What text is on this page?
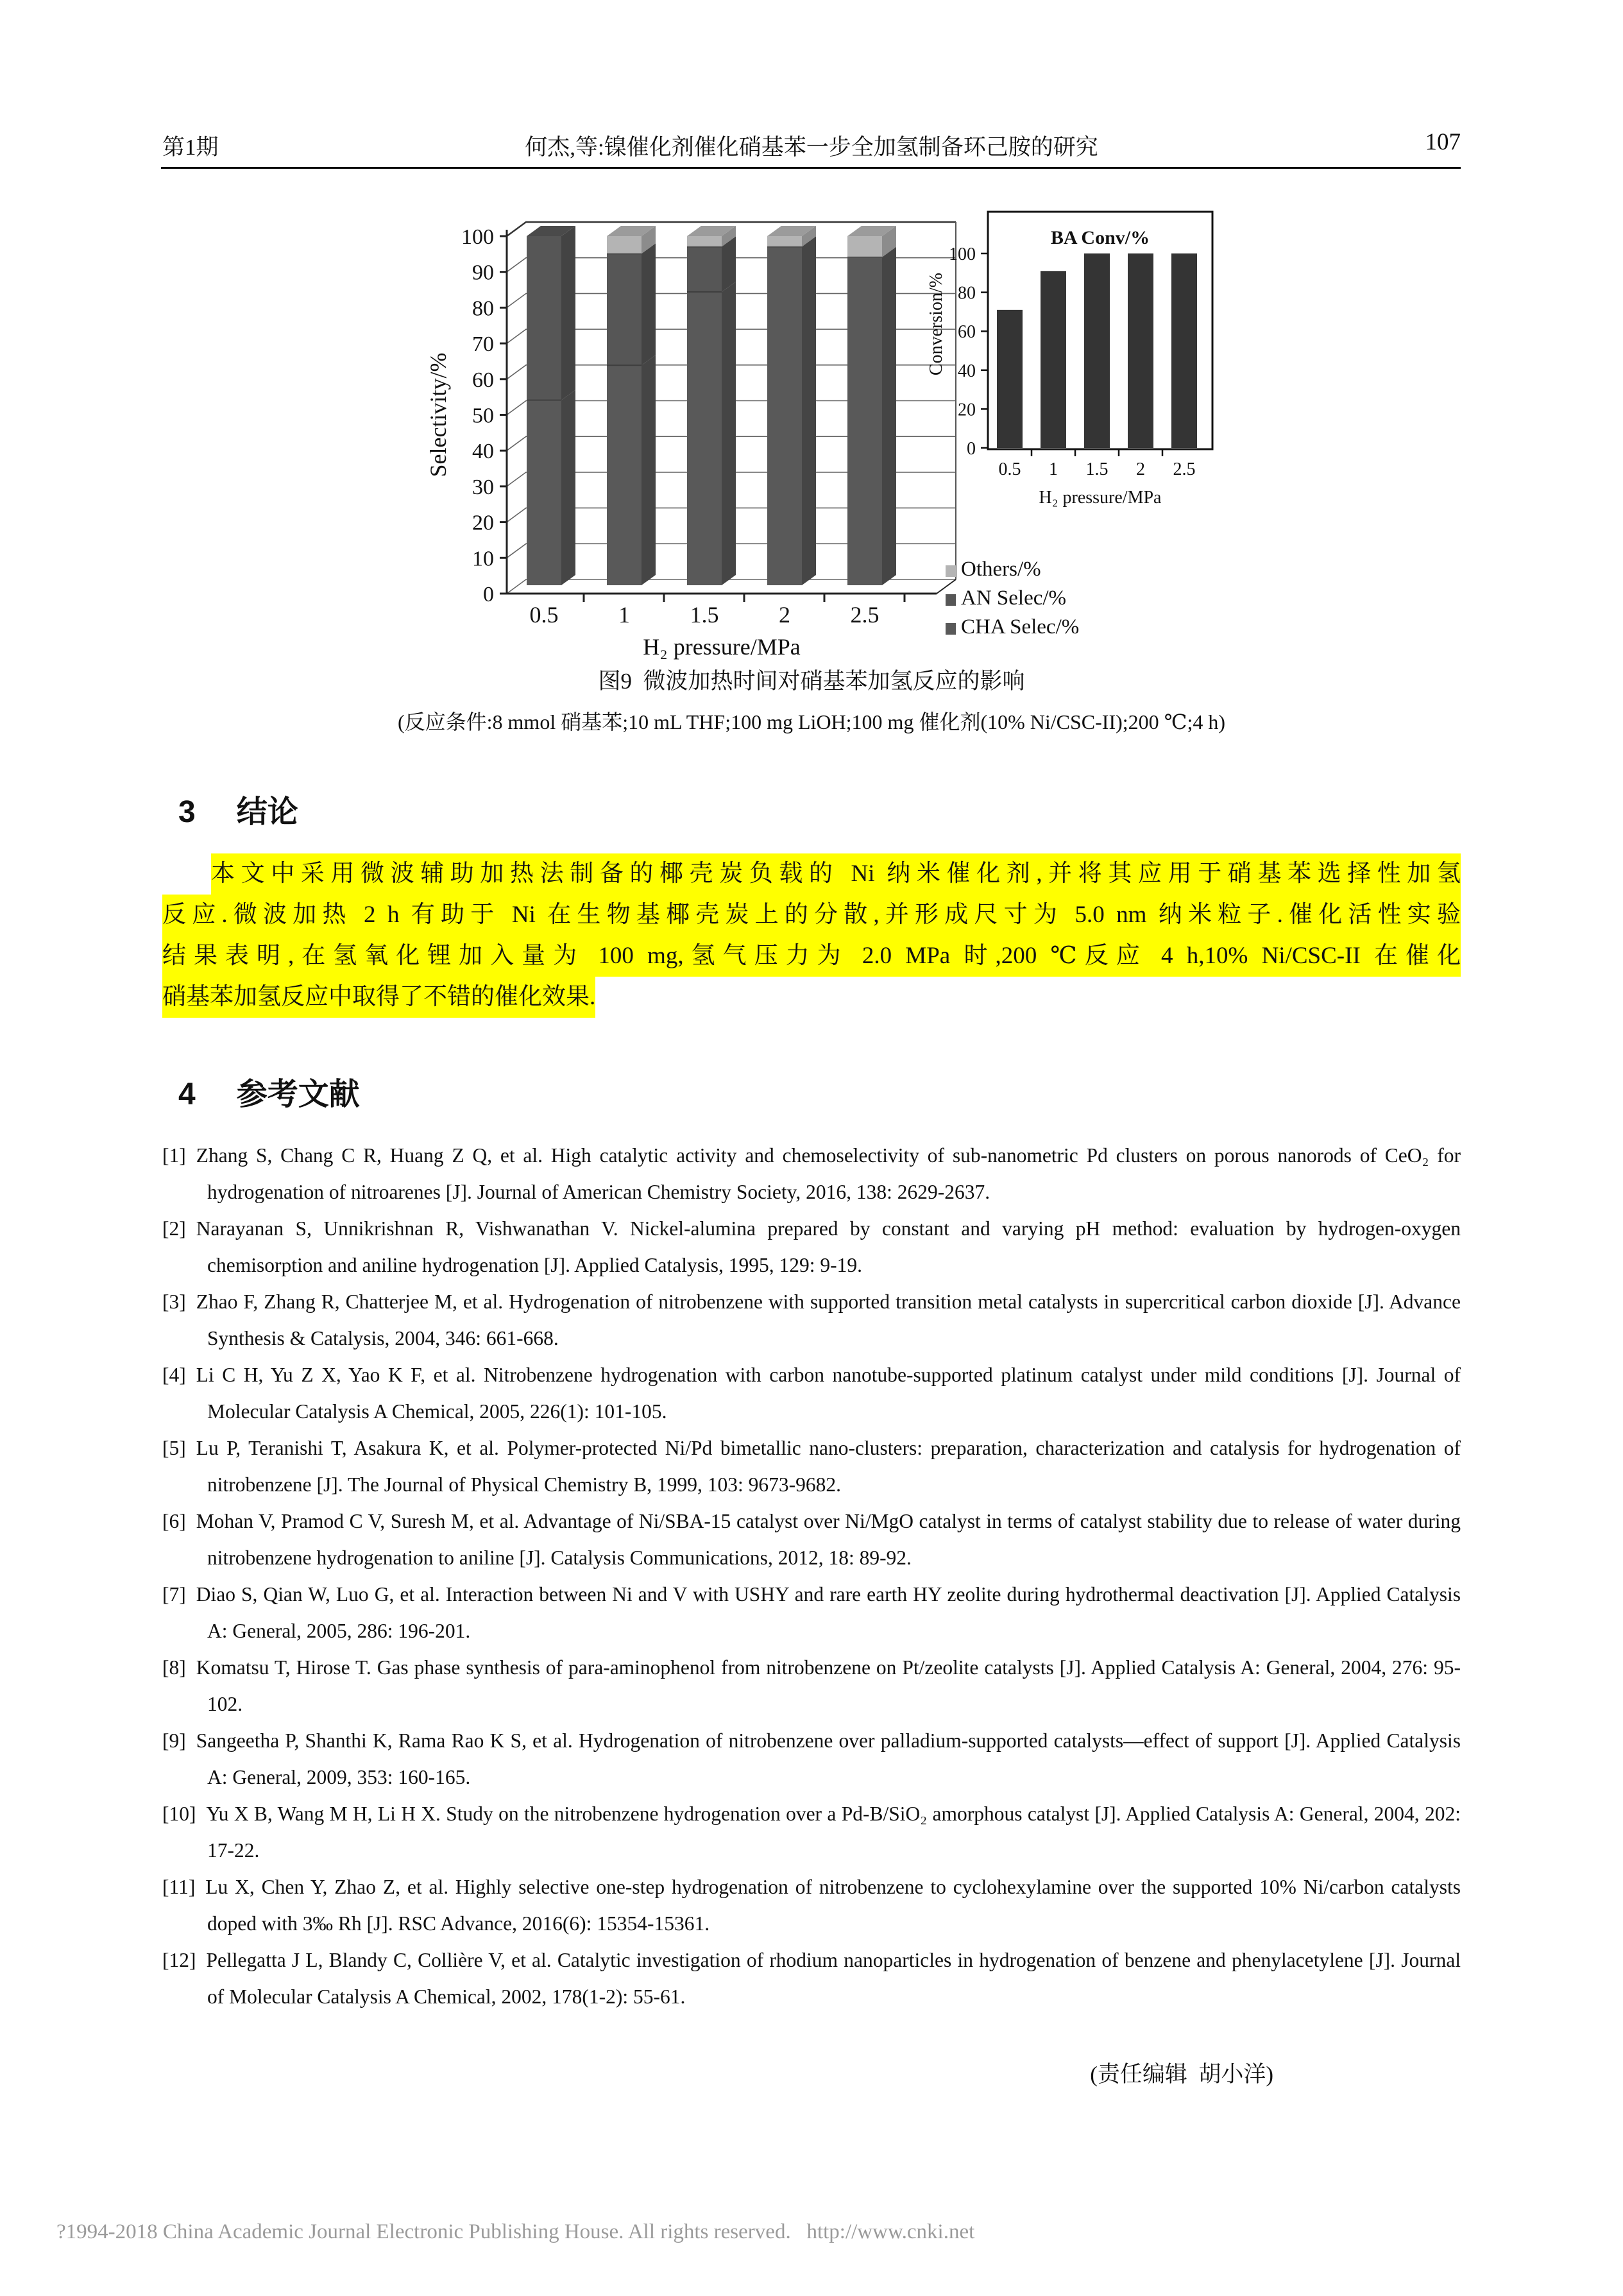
第1期	何杰,等:镍催化剂催化硝基苯一步全加氢制备环己胺的研究	107
0
10
20
30
40
50
60
70
80
90
100
0.5	1	1.5	2	2.5
H₂ pressure/MPa
Selectivity/%
Others/%
AN Selec/%
CHA Selec/%
BA Conv/%
0
20
40
60
80
100
0.5 1 1.5 2 2.5
H₂ pressure/MPa
Conversion/%
图9  微波加热时间对硝基苯加氢反应的影响
(反应条件:8 mmol 硝基苯;10 mL THF;100 mg LiOH;100 mg 催化剂(10% Ni/CSC-II);200 ℃;4 h)
3 结论
本文中采用微波辅助加热法制备的椰壳炭负载的 Ni 纳米催化剂,并将其应用于硝基苯选择性加氢
反应.微波加热 2 h 有助于 Ni 在生物基椰壳炭上的分散,并形成尺寸为 5.0 nm 纳米粒子.催化活性实验
结果表明,在氢氧化锂加入量为 100 mg,氢气压力为 2.0 MPa 时,200 ℃反应 4 h,10% Ni/CSC-II 在催化
硝基苯加氢反应中取得了不错的催化效果.
4 参考文献
[1] Zhang S, Chang C R, Huang Z Q, et al. High catalytic activity and chemoselectivity of sub-nanometric Pd clusters on porous nanorods of CeO₂ for hydrogenation of nitroarenes [J]. Journal of American Chemistry Society, 2016, 138: 2629-2637.
[2] Narayanan S, Unnikrishnan R, Vishwanathan V. Nickel-alumina prepared by constant and varying pH method: evaluation by hydrogen-oxygen chemisorption and aniline hydrogenation [J]. Applied Catalysis, 1995, 129: 9-19.
[3] Zhao F, Zhang R, Chatterjee M, et al. Hydrogenation of nitrobenzene with supported transition metal catalysts in supercritical carbon dioxide [J]. Advance Synthesis & Catalysis, 2004, 346: 661-668.
[4] Li C H, Yu Z X, Yao K F, et al. Nitrobenzene hydrogenation with carbon nanotube-supported platinum catalyst under mild conditions [J]. Journal of Molecular Catalysis A Chemical, 2005, 226(1): 101-105.
[5] Lu P, Teranishi T, Asakura K, et al. Polymer-protected Ni/Pd bimetallic nano-clusters: preparation, characterization and catalysis for hydrogenation of nitrobenzene [J]. The Journal of Physical Chemistry B, 1999, 103: 9673-9682.
[6] Mohan V, Pramod C V, Suresh M, et al. Advantage of Ni/SBA-15 catalyst over Ni/MgO catalyst in terms of catalyst stability due to release of water during nitrobenzene hydrogenation to aniline [J]. Catalysis Communications, 2012, 18: 89-92.
[7] Diao S, Qian W, Luo G, et al. Interaction between Ni and V with USHY and rare earth HY zeolite during hydrothermal deactivation [J]. Applied Catalysis A: General, 2005, 286: 196-201.
[8] Komatsu T, Hirose T. Gas phase synthesis of para-aminophenol from nitrobenzene on Pt/zeolite catalysts [J]. Applied Catalysis A: General, 2004, 276: 95-102.
[9] Sangeetha P, Shanthi K, Rama Rao K S, et al. Hydrogenation of nitrobenzene over palladium-supported catalysts—effect of support [J]. Applied Catalysis A: General, 2009, 353: 160-165.
[10] Yu X B, Wang M H, Li H X. Study on the nitrobenzene hydrogenation over a Pd-B/SiO₂ amorphous catalyst [J]. Applied Catalysis A: General, 2004, 202: 17-22.
[11] Lu X, Chen Y, Zhao Z, et al. Highly selective one-step hydrogenation of nitrobenzene to cyclohexylamine over the supported 10% Ni/carbon catalysts doped with 3‰ Rh [J]. RSC Advance, 2016(6): 15354-15361.
[12] Pellegatta J L, Blandy C, Collière V, et al. Catalytic investigation of rhodium nanoparticles in hydrogenation of benzene and phenylacetylene [J]. Journal of Molecular Catalysis A Chemical, 2002, 178(1-2): 55-61.
(责任编辑  胡小洋)
?1994-2018 China Academic Journal Electronic Publishing House. All rights reserved.   http://www.cnki.net
